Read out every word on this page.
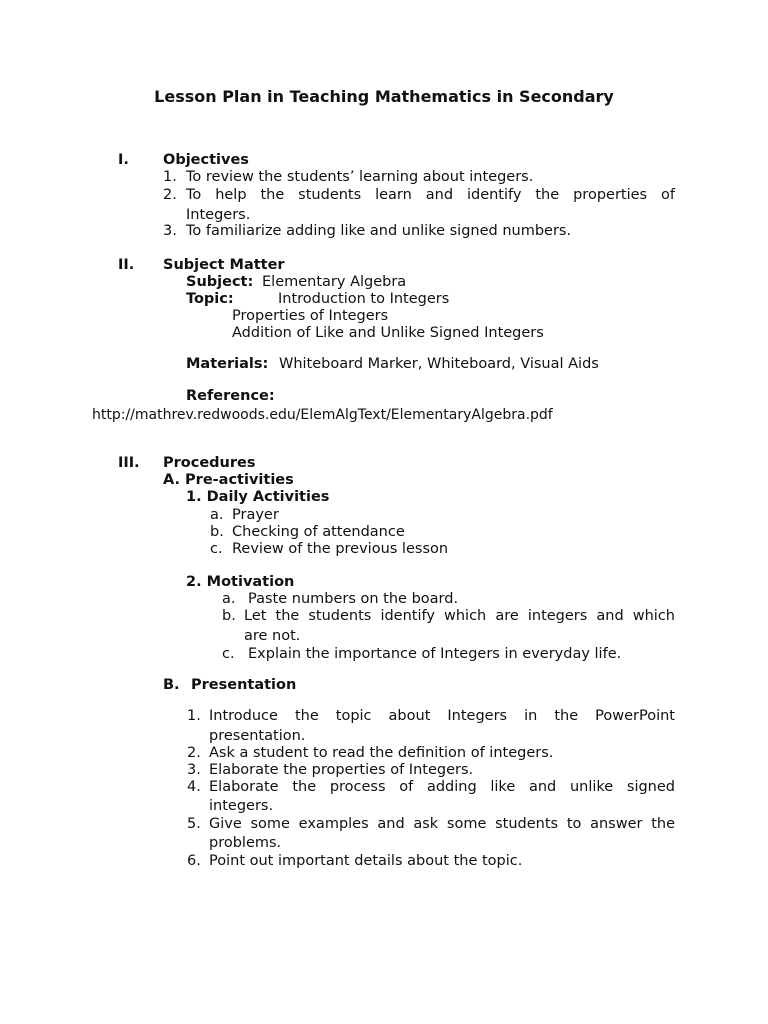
Lesson Plan in Teaching Mathematics in Secondary
I. Objectives
1. To review the students’ learning about integers.
2. To help the students learn and identify the properties of
Integers.
3. To familiarize adding like and unlike signed numbers.
II. Subject Matter
Subject: Elementary Algebra
Topic:	Introduction to Integers
Properties of Integers
Addition of Like and Unlike Signed Integers
Materials: Whiteboard Marker, Whiteboard, Visual Aids
Reference:
http://mathrev.redwoods.edu/ElemAlgText/ElementaryAlgebra.pdf
III. Procedures
A. Pre-activities
1. Daily Activities
a. Prayer
b. Checking of attendance
c. Review of the previous lesson
2. Motivation
a. Paste numbers on the board.
b. Let the students identify which are integers and which
are not.
c. Explain the importance of Integers in everyday life.
B. Presentation
1. Introduce the topic about Integers in the PowerPoint
presentation.
2. Ask a student to read the definition of integers.
3. Elaborate the properties of Integers.
4. Elaborate the process of adding like and unlike signed
integers.
5. Give some examples and ask some students to answer the
problems.
6. Point out important details about the topic.
